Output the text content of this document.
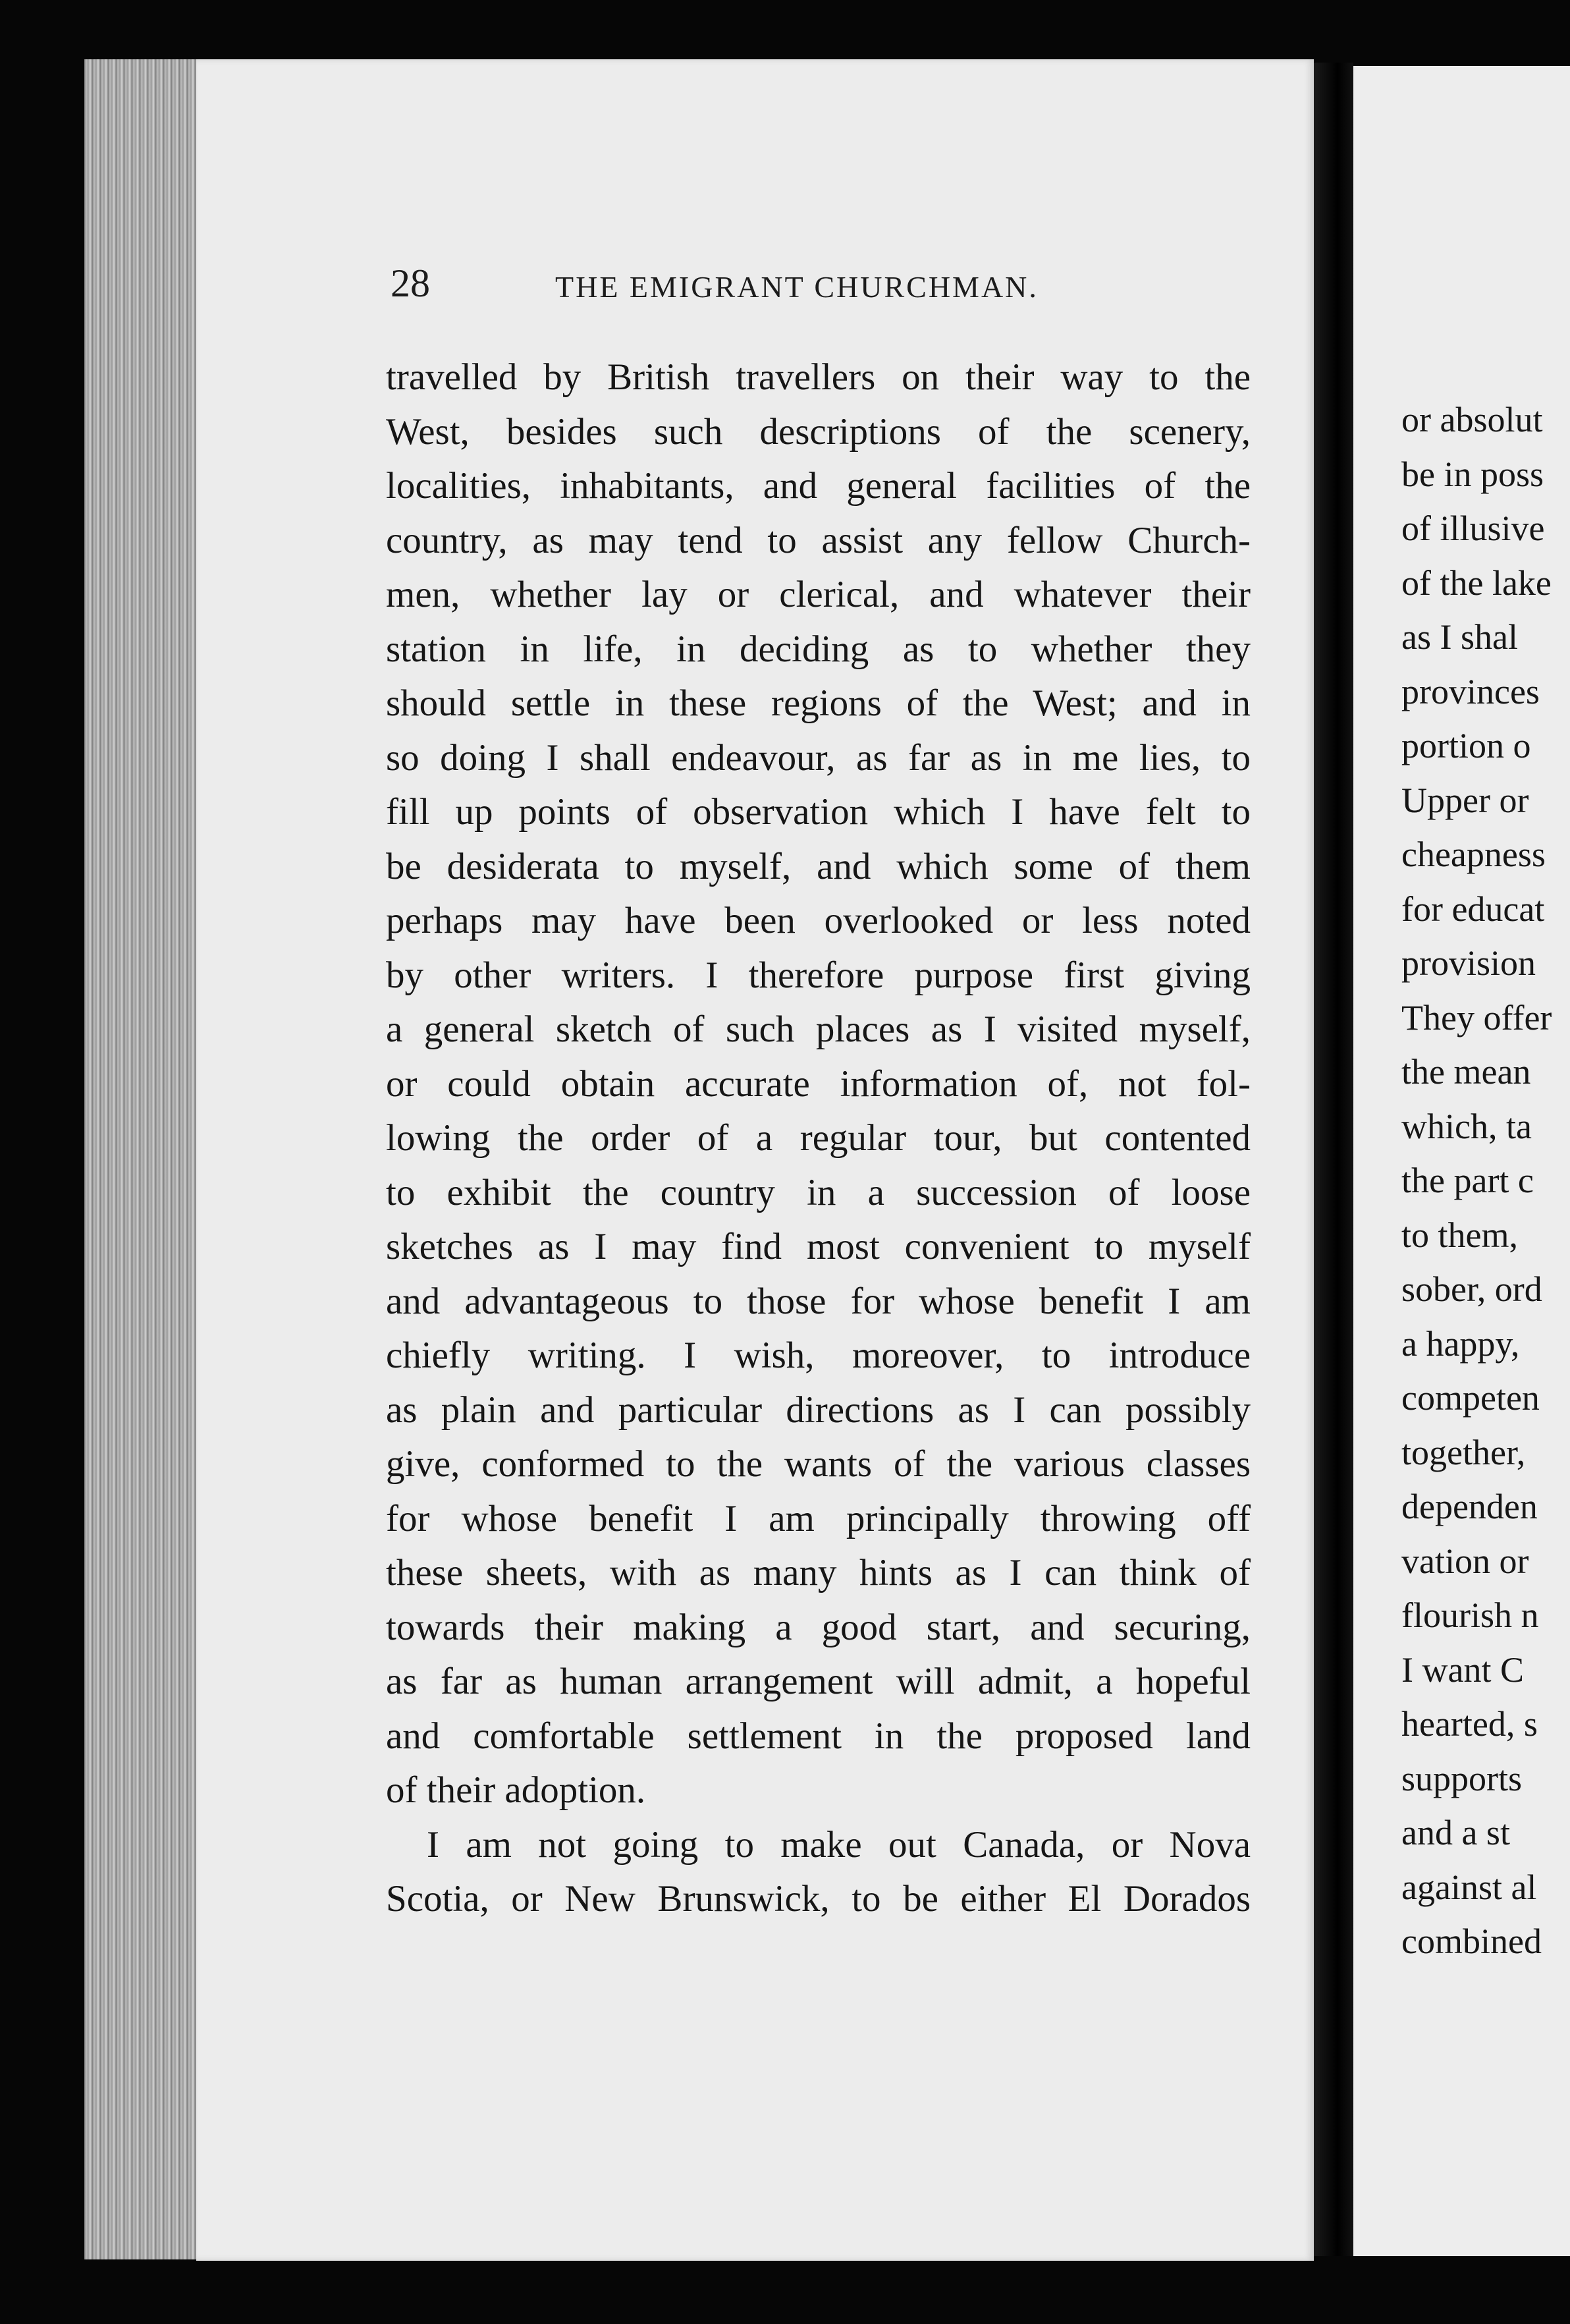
28	THE EMIGRANT CHURCHMAN.
travelled by British travellers on their way to the
West, besides such descriptions of the scenery,
localities, inhabitants, and general facilities of the
country, as may tend to assist any fellow Church-
men, whether lay or clerical, and whatever their
station in life, in deciding as to whether they
should settle in these regions of the West; and in
so doing I shall endeavour, as far as in me lies, to
fill up points of observation which I have felt to
be desiderata to myself, and which some of them
perhaps may have been overlooked or less noted
by other writers. I therefore purpose first giving
a general sketch of such places as I visited myself,
or could obtain accurate information of, not fol-
lowing the order of a regular tour, but contented
to exhibit the country in a succession of loose
sketches as I may find most convenient to myself
and advantageous to those for whose benefit I am
chiefly writing. I wish, moreover, to introduce
as plain and particular directions as I can possibly
give, conformed to the wants of the various classes
for whose benefit I am principally throwing off
these sheets, with as many hints as I can think of
towards their making a good start, and securing,
as far as human arrangement will admit, a hopeful
and comfortable settlement in the proposed land
of their adoption.
I am not going to make out Canada, or Nova
Scotia, or New Brunswick, to be either El Dorados
or absolut
be in poss
of illusive
of the lake
as I shal
provinces
portion o
Upper or
cheapness
for educat
provision
They offer
the mean
which, ta
the part c
to them,
sober, ord
a happy,
competen
together,
dependen
vation or
flourish n
I want C
hearted, s
supports
and a st
against al
combined
